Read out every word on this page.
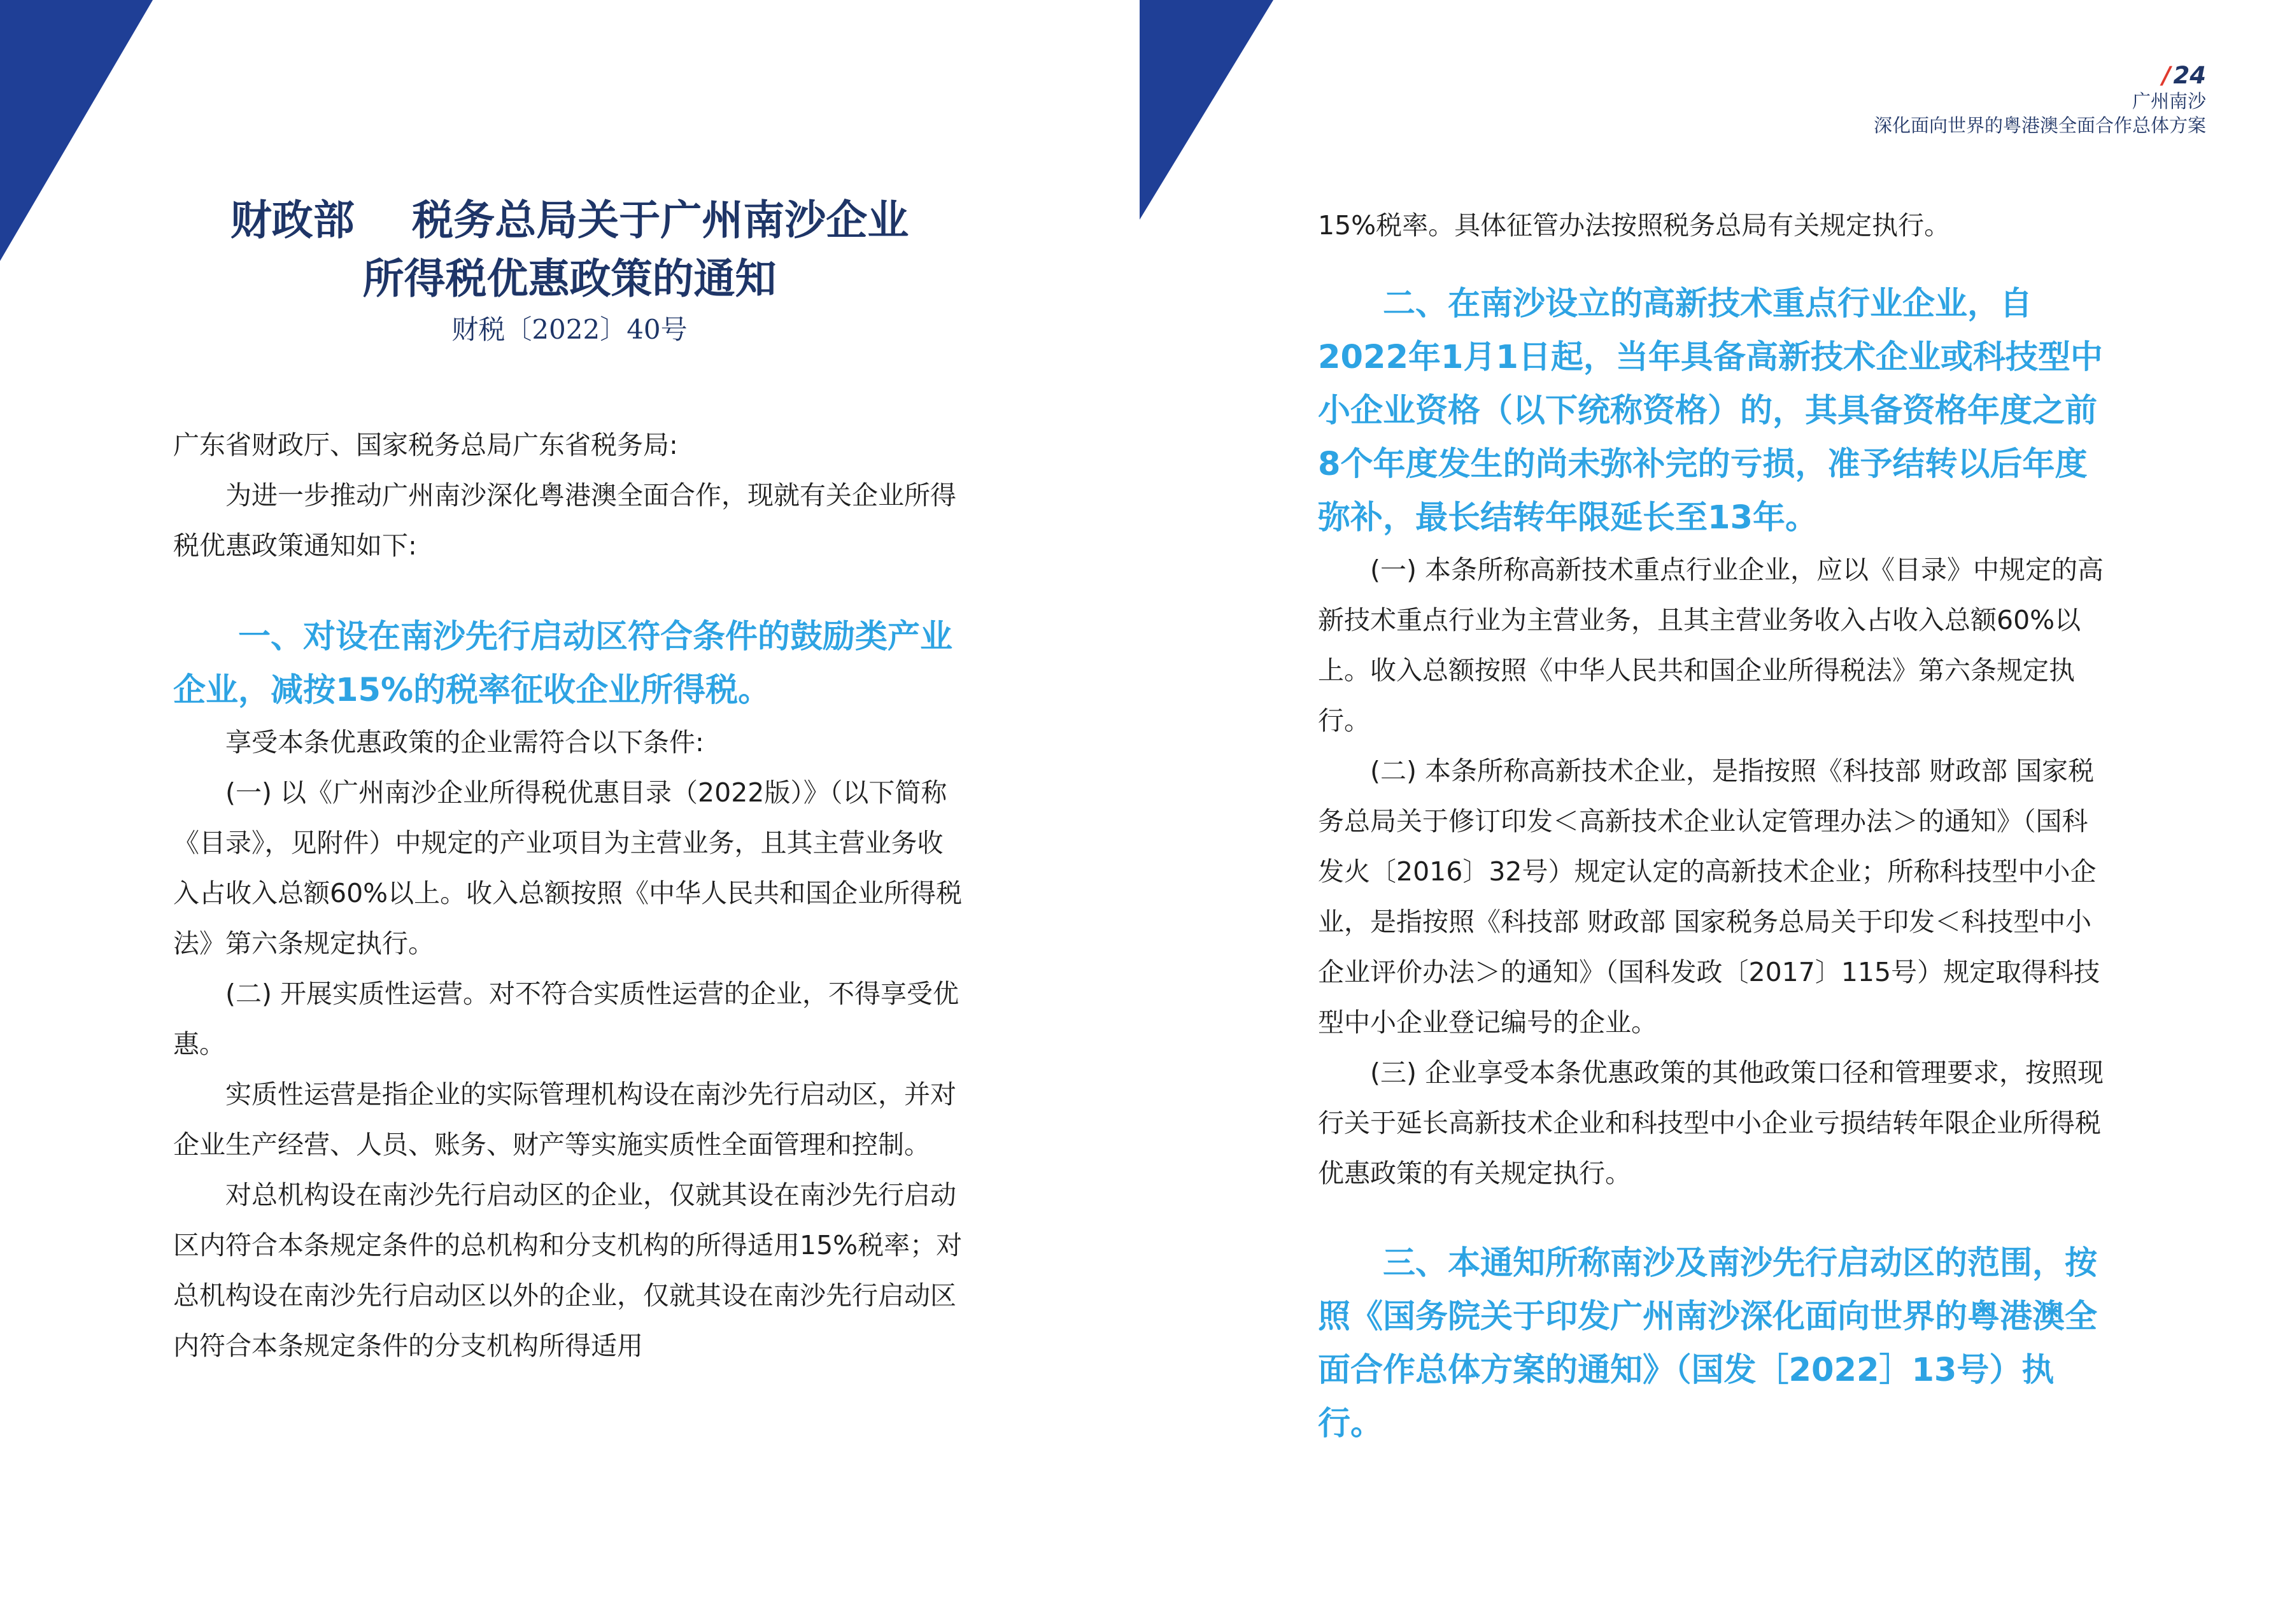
/ 24
广州南沙
深化面向世界的粤港澳全面合作总体方案
财政部    税务总局关于广州南沙企业
所得税优惠政策的通知
财税〔2022〕40号

广东省财政厅、国家税务总局广东省税务局:

为进一步推动广州南沙深化粤港澳全面合作，现就有关企业所得税优惠政策通知如下:

一、对设在南沙先行启动区符合条件的鼓励类产业企业，减按15%的税率征收企业所得税。

享受本条优惠政策的企业需符合以下条件:

(一) 以《广州南沙企业所得税优惠目录（2022版）》（以下简称《目录》，见附件）中规定的产业项目为主营业务，且其主营业务收入占收入总额60%以上。收入总额按照《中华人民共和国企业所得税法》第六条规定执行。

(二) 开展实质性运营。对不符合实质性运营的企业，不得享受优惠。

实质性运营是指企业的实际管理机构设在南沙先行启动区，并对企业生产经营、人员、账务、财产等实施实质性全面管理和控制。

对总机构设在南沙先行启动区的企业，仅就其设在南沙先行启动区内符合本条规定条件的总机构和分支机构的所得适用15%税率；对总机构设在南沙先行启动区以外的企业，仅就其设在南沙先行启动区内符合本条规定条件的分支机构所得适用

15%税率。具体征管办法按照税务总局有关规定执行。

二、在南沙设立的高新技术重点行业企业，自2022年1月1日起，当年具备高新技术企业或科技型中小企业资格（以下统称资格）的，其具备资格年度之前8个年度发生的尚未弥补完的亏损，准予结转以后年度弥补，最长结转年限延长至13年。

(一) 本条所称高新技术重点行业企业，应以《目录》中规定的高新技术重点行业为主营业务，且其主营业务收入占收入总额60%以上。收入总额按照《中华人民共和国企业所得税法》第六条规定执行。

(二) 本条所称高新技术企业，是指按照《科技部 财政部 国家税务总局关于修订印发＜高新技术企业认定管理办法＞的通知》（国科发火〔2016〕32号）规定认定的高新技术企业；所称科技型中小企业，是指按照《科技部 财政部 国家税务总局关于印发＜科技型中小企业评价办法＞的通知》（国科发政〔2017〕115号）规定取得科技型中小企业登记编号的企业。

(三) 企业享受本条优惠政策的其他政策口径和管理要求，按照现行关于延长高新技术企业和科技型中小企业亏损结转年限企业所得税优惠政策的有关规定执行。

三、本通知所称南沙及南沙先行启动区的范围，按照《国务院关于印发广州南沙深化面向世界的粤港澳全面合作总体方案的通知》（国发［2022］13号）执行。
